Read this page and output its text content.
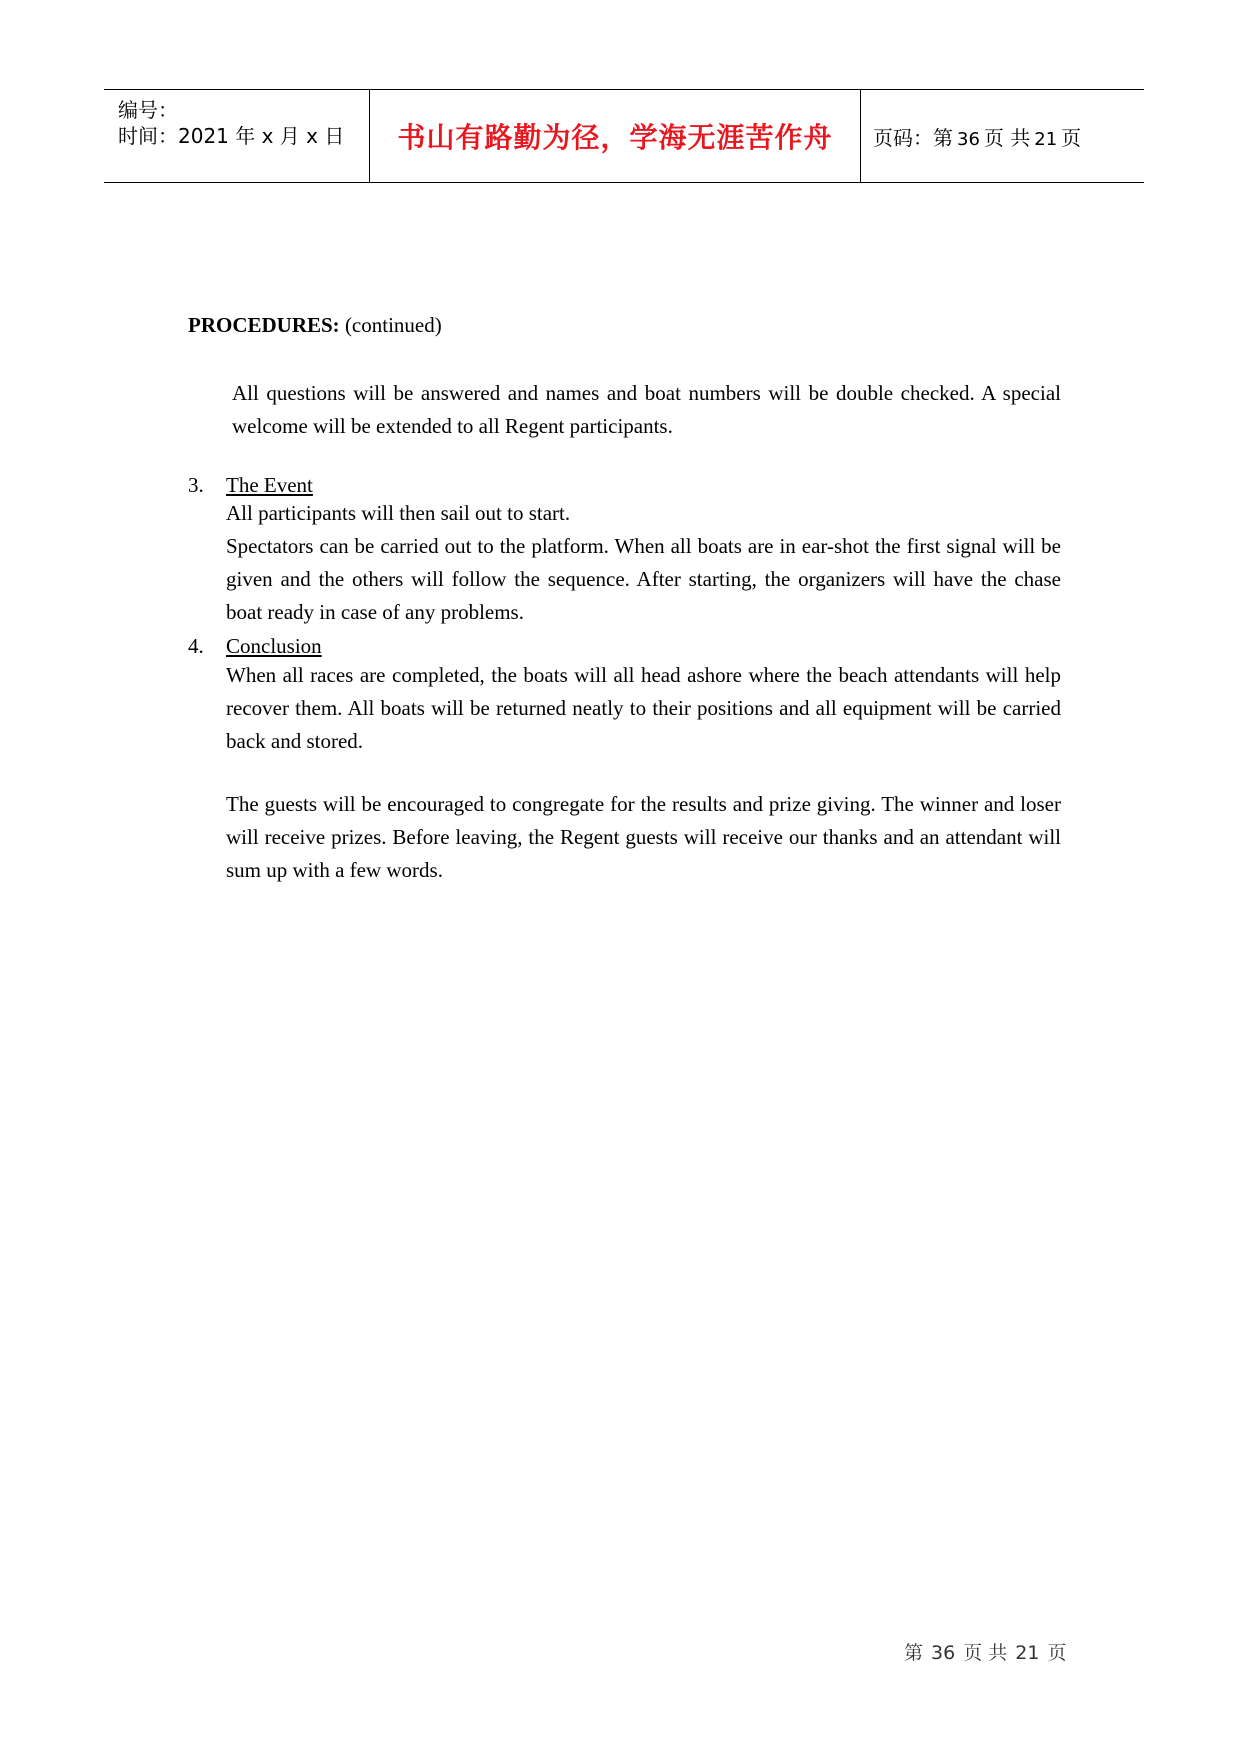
编号：
时间：2021 年 x 月 x 日 书山有路勤为径，学海无涯苦作舟 页码：第 36 页 共 21 页
PROCEDURES: (continued)
All questions will be answered and names and boat numbers will be double checked. A special welcome will be extended to all Regent participants.
3. The Event

All participants will then sail out to start.

Spectators can be carried out to the platform. When all boats are in ear-shot the first signal will be given and the others will follow the sequence. After starting, the organizers will have the chase boat ready in case of any problems.

4. Conclusion

When all races are completed, the boats will all head ashore where the beach attendants will help recover them. All boats will be returned neatly to their positions and all equipment will be carried back and stored.

The guests will be encouraged to congregate for the results and prize giving. The winner and loser will receive prizes. Before leaving, the Regent guests will receive our thanks and an attendant will sum up with a few words.
第 36 页 共 21 页
